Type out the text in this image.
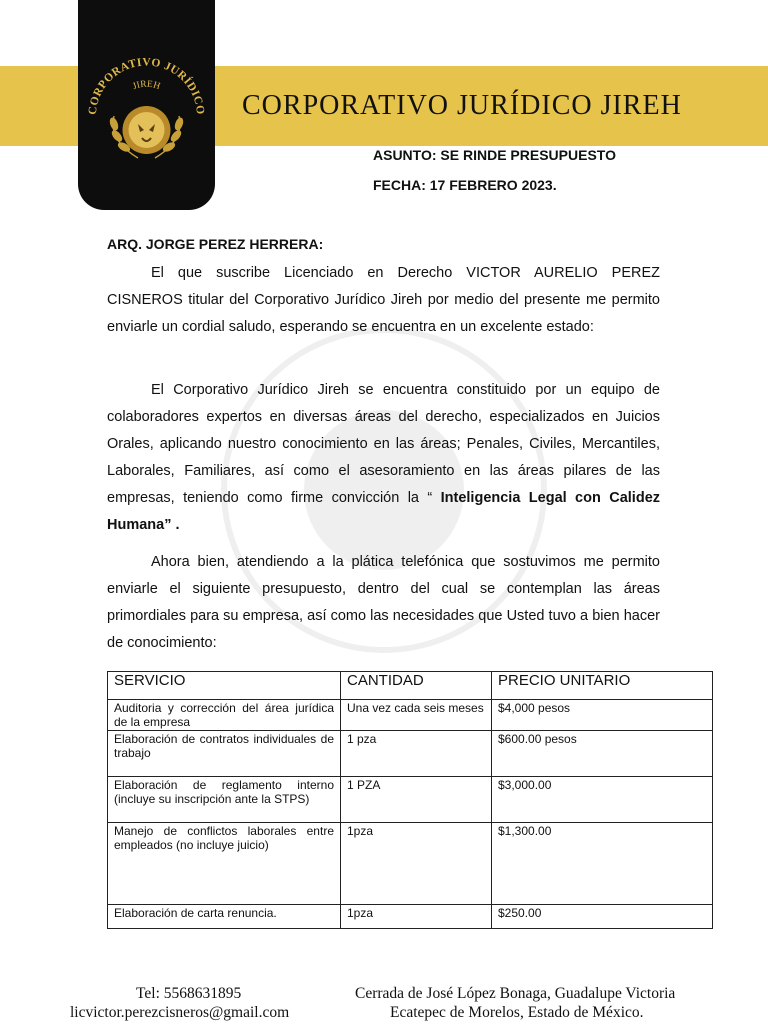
CORPORATIVO JURÍDICO JIREH
CORPORATIVO JURÍDICO
JIREH
ASUNTO: SE RINDE PRESUPUESTO
FECHA: 17 FEBRERO 2023.
ARQ. JORGE PEREZ HERRERA:

El que suscribe Licenciado en Derecho VICTOR AURELIO PEREZ CISNEROS titular del Corporativo Jurídico Jireh por medio del presente me permito enviarle un cordial saludo, esperando se encuentra en un excelente estado:

El Corporativo Jurídico Jireh se encuentra constituido por un equipo de colaboradores expertos en diversas áreas del derecho, especializados en Juicios Orales, aplicando nuestro conocimiento en las áreas; Penales, Civiles, Mercantiles, Laborales, Familiares, así como el asesoramiento en las áreas pilares de las empresas, teniendo como firme convicción la “ Inteligencia Legal con Calidez Humana” .

Ahora bien, atendiendo a la plática telefónica que sostuvimos me permito enviarle el siguiente presupuesto, dentro del cual se contemplan las áreas primordiales para su empresa, así como las necesidades que Usted tuvo a bien hacer de conocimiento:

SERVICIO	CANTIDAD	PRECIO UNITARIO
Auditoria y corrección del área jurídica de la empresa	Una vez cada seis meses	$4,000 pesos
Elaboración de contratos individuales de trabajo	1 pza	$600.00 pesos
Elaboración de reglamento interno (incluye su inscripción ante la STPS)	1 PZA	$3,000.00
Manejo de conflictos laborales entre empleados (no incluye juicio)	1pza	$1,300.00
Elaboración de carta renuncia.	1pza	$250.00
Tel: 5568631895
licvictor.perezcisneros@gmail.com
Cerrada de José López Bonaga, Guadalupe Victoria
Ecatepec de Morelos, Estado de México.
